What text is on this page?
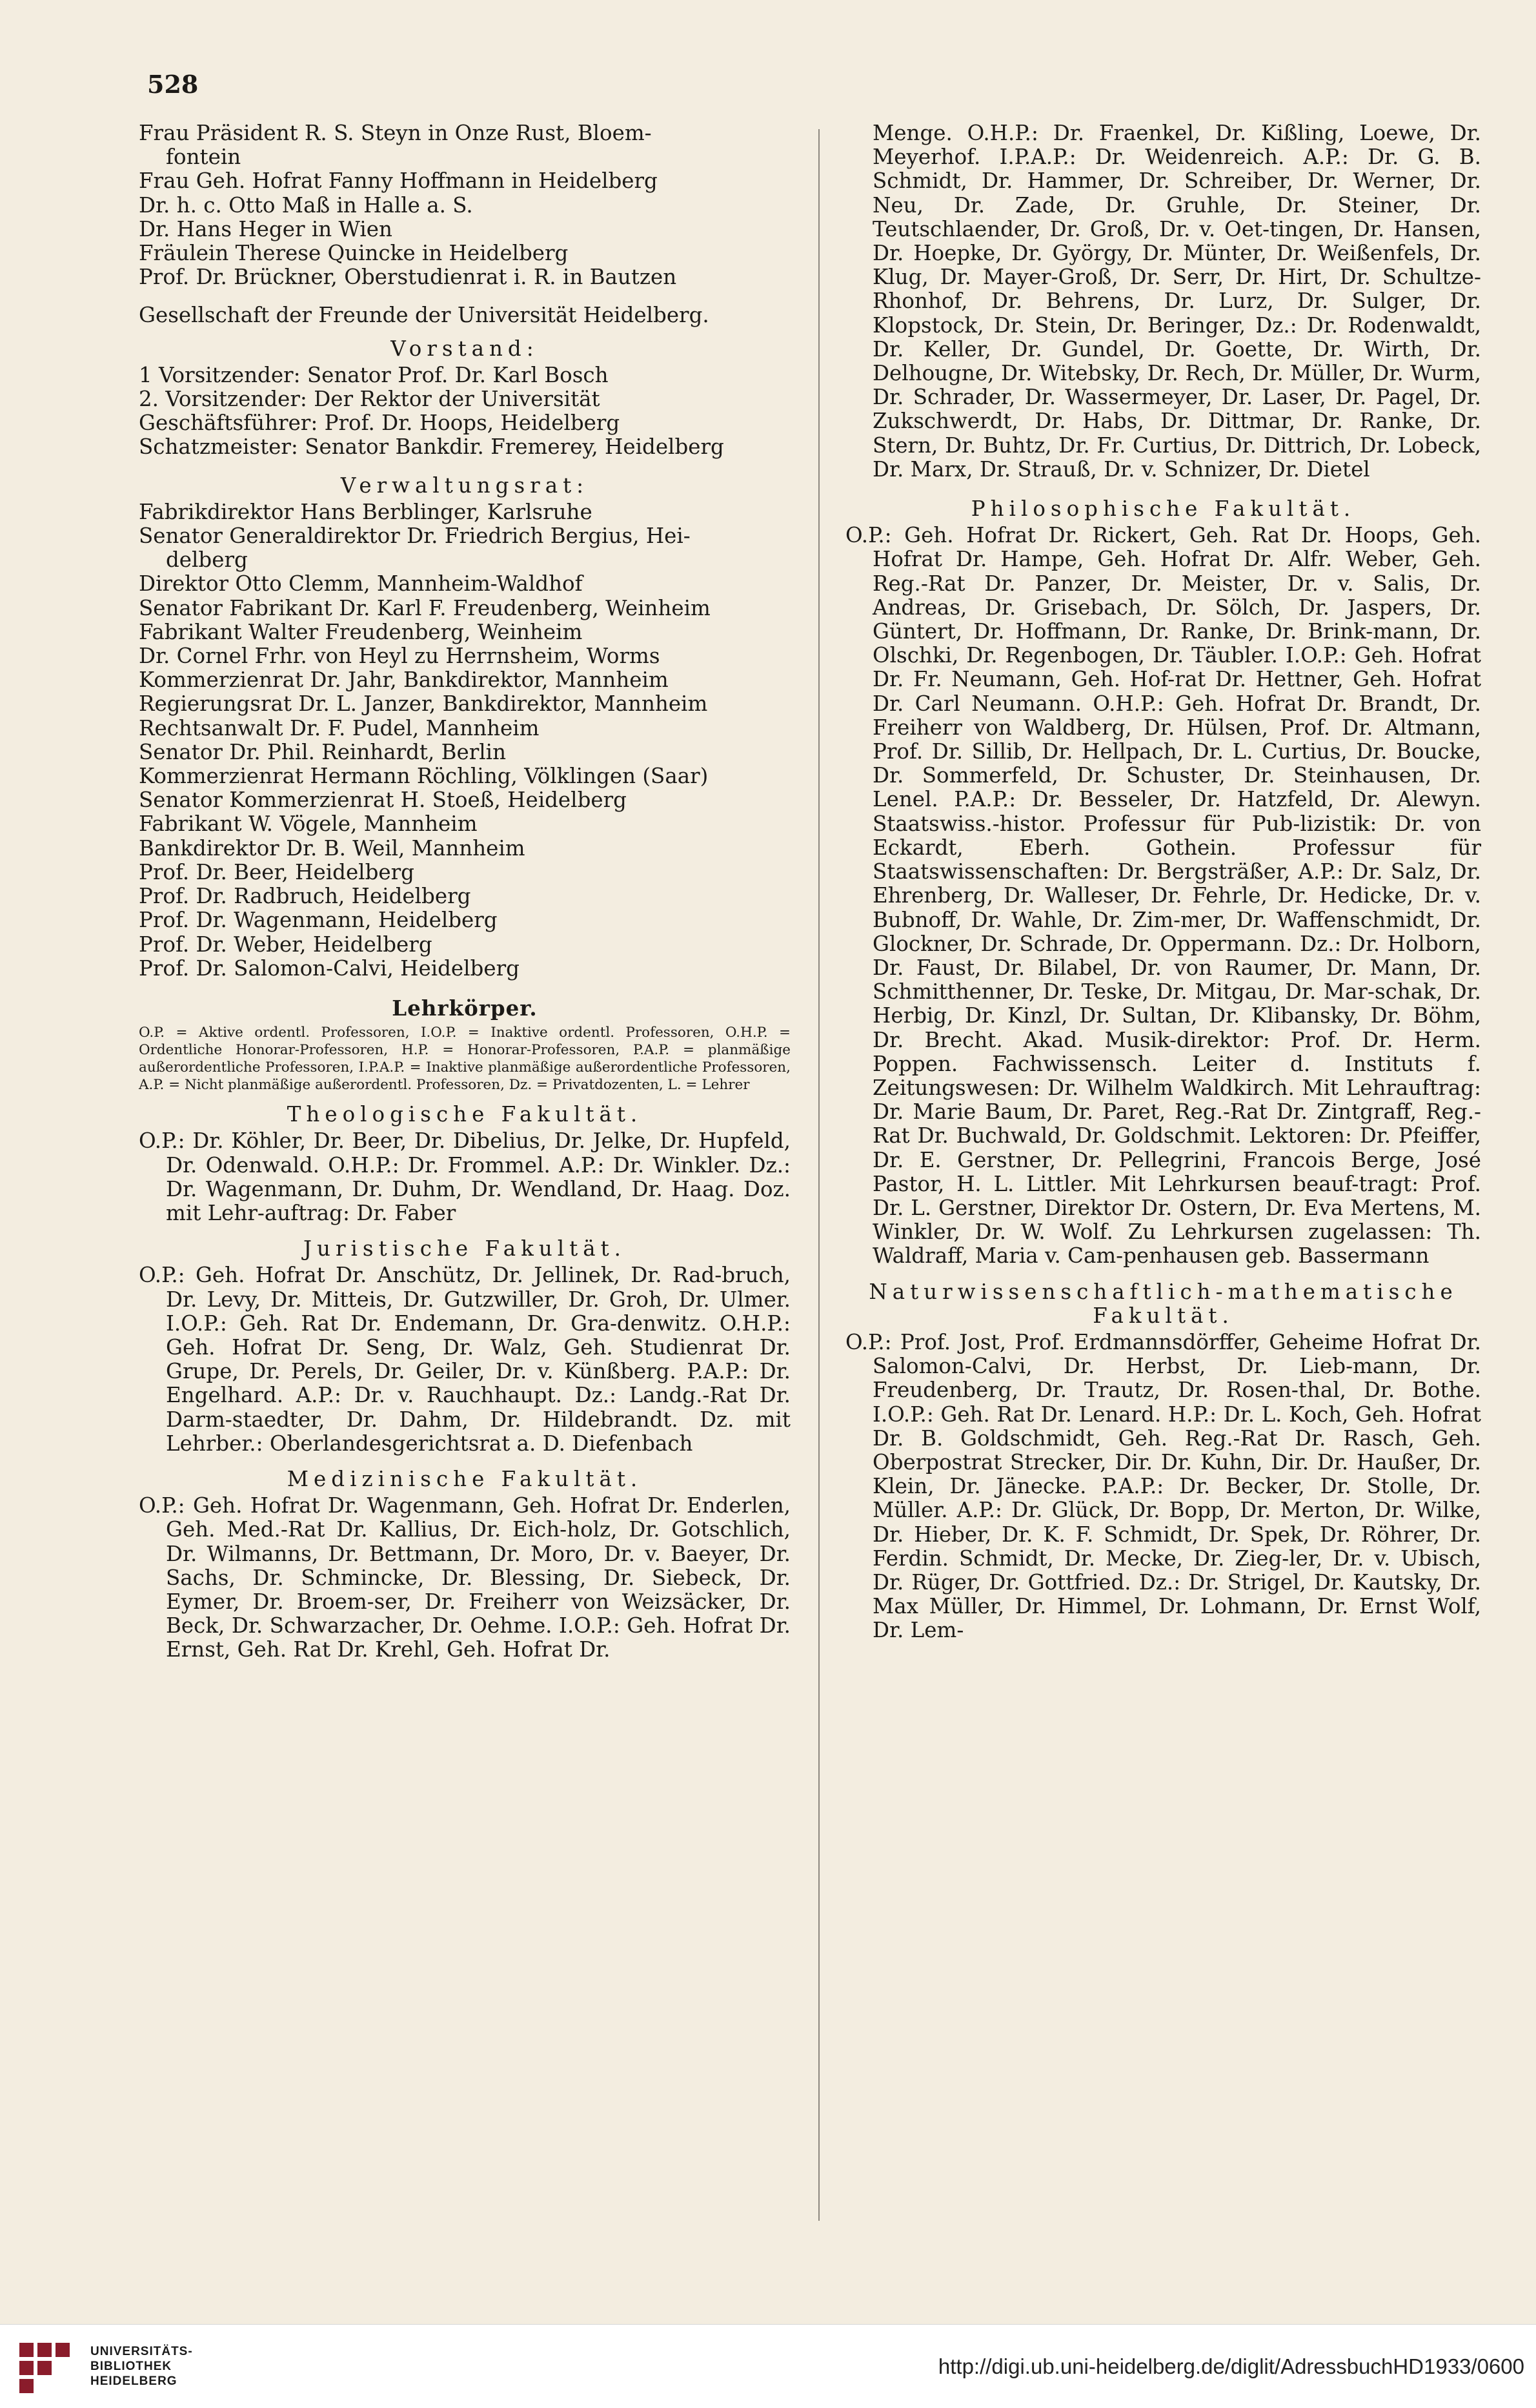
528

Frau Präsident R. S. Steyn in Onze Rust, Bloem-

fontein

Frau Geh. Hofrat Fanny Hoffmann in Heidelberg

Dr. h. c. Otto Maß in Halle a. S.

Dr. Hans Heger in Wien

Fräulein Therese Quincke in Heidelberg

Prof. Dr. Brückner, Oberstudienrat i. R. in Bautzen

Gesellschaft der Freunde der Universität Heidelberg.

Vorstand:

1 Vorsitzender: Senator Prof. Dr. Karl Bosch

2. Vorsitzender: Der Rektor der Universität

Geschäftsführer: Prof. Dr. Hoops, Heidelberg

Schatzmeister: Senator Bankdir. Fremerey, Heidelberg

Verwaltungsrat:

Fabrikdirektor Hans Berblinger, Karlsruhe

Senator Generaldirektor Dr. Friedrich Bergius, Hei-

delberg

Direktor Otto Clemm, Mannheim-Waldhof

Senator Fabrikant Dr. Karl F. Freudenberg, Weinheim

Fabrikant Walter Freudenberg, Weinheim

Dr. Cornel Frhr. von Heyl zu Herrnsheim, Worms

Kommerzienrat Dr. Jahr, Bankdirektor, Mannheim

Regierungsrat Dr. L. Janzer, Bankdirektor, Mannheim

Rechtsanwalt Dr. F. Pudel, Mannheim

Senator Dr. Phil. Reinhardt, Berlin

Kommerzienrat Hermann Röchling, Völklingen (Saar)

Senator Kommerzienrat H. Stoeß, Heidelberg

Fabrikant W. Vögele, Mannheim

Bankdirektor Dr. B. Weil, Mannheim

Prof. Dr. Beer, Heidelberg

Prof. Dr. Radbruch, Heidelberg

Prof. Dr. Wagenmann, Heidelberg

Prof. Dr. Weber, Heidelberg

Prof. Dr. Salomon-Calvi, Heidelberg

Lehrkörper.

O.P. = Aktive ordentl. Professoren, I.O.P. = Inaktive ordentl. Professoren, O.H.P. = Ordentliche Honorar-Professoren, H.P. = Honorar-Professoren, P.A.P. = planmäßige außerordentliche Professoren, I.P.A.P. = Inaktive planmäßige außerordentliche Professoren, A.P. = Nicht planmäßige außerordentl. Professoren, Dz. = Privatdozenten, L. = Lehrer

Theologische Fakultät.

O.P.: Dr. Köhler, Dr. Beer, Dr. Dibelius, Dr. Jelke, Dr. Hupfeld, Dr. Odenwald. O.H.P.: Dr. Frommel. A.P.: Dr. Winkler. Dz.: Dr. Wagenmann, Dr. Duhm, Dr. Wendland, Dr. Haag. Doz. mit Lehr-auftrag: Dr. Faber

Juristische Fakultät.

O.P.: Geh. Hofrat Dr. Anschütz, Dr. Jellinek, Dr. Rad-bruch, Dr. Levy, Dr. Mitteis, Dr. Gutzwiller, Dr. Groh, Dr. Ulmer. I.O.P.: Geh. Rat Dr. Endemann, Dr. Gra-denwitz. O.H.P.: Geh. Hofrat Dr. Seng, Dr. Walz, Geh. Studienrat Dr. Grupe, Dr. Perels, Dr. Geiler, Dr. v. Künßberg. P.A.P.: Dr. Engelhard. A.P.: Dr. v. Rauchhaupt. Dz.: Landg.-Rat Dr. Darm-staedter, Dr. Dahm, Dr. Hildebrandt. Dz. mit Lehrber.: Oberlandesgerichtsrat a. D. Diefenbach

Medizinische Fakultät.

O.P.: Geh. Hofrat Dr. Wagenmann, Geh. Hofrat Dr. Enderlen, Geh. Med.-Rat Dr. Kallius, Dr. Eich-holz, Dr. Gotschlich, Dr. Wilmanns, Dr. Bettmann, Dr. Moro, Dr. v. Baeyer, Dr. Sachs, Dr. Schmincke, Dr. Blessing, Dr. Siebeck, Dr. Eymer, Dr. Broem-ser, Dr. Freiherr von Weizsäcker, Dr. Beck, Dr. Schwarzacher, Dr. Oehme. I.O.P.: Geh. Hofrat Dr. Ernst, Geh. Rat Dr. Krehl, Geh. Hofrat Dr.

Menge. O.H.P.: Dr. Fraenkel, Dr. Kißling, Loewe, Dr. Meyerhof. I.P.A.P.: Dr. Weidenreich. A.P.: Dr. G. B. Schmidt, Dr. Hammer, Dr. Schreiber, Dr. Werner, Dr. Neu, Dr. Zade, Dr. Gruhle, Dr. Steiner, Dr. Teutschlaender, Dr. Groß, Dr. v. Oet-tingen, Dr. Hansen, Dr. Hoepke, Dr. György, Dr. Münter, Dr. Weißenfels, Dr. Klug, Dr. Mayer-Groß, Dr. Serr, Dr. Hirt, Dr. Schultze-Rhonhof, Dr. Behrens, Dr. Lurz, Dr. Sulger, Dr. Klopstock, Dr. Stein, Dr. Beringer, Dz.: Dr. Rodenwaldt, Dr. Keller, Dr. Gundel, Dr. Goette, Dr. Wirth, Dr. Delhougne, Dr. Witebsky, Dr. Rech, Dr. Müller, Dr. Wurm, Dr. Schrader, Dr. Wassermeyer, Dr. Laser, Dr. Pagel, Dr. Zukschwerdt, Dr. Habs, Dr. Dittmar, Dr. Ranke, Dr. Stern, Dr. Buhtz, Dr. Fr. Curtius, Dr. Dittrich, Dr. Lobeck, Dr. Marx, Dr. Strauß, Dr. v. Schnizer, Dr. Dietel

Philosophische Fakultät.

O.P.: Geh. Hofrat Dr. Rickert, Geh. Rat Dr. Hoops, Geh. Hofrat Dr. Hampe, Geh. Hofrat Dr. Alfr. Weber, Geh. Reg.-Rat Dr. Panzer, Dr. Meister, Dr. v. Salis, Dr. Andreas, Dr. Grisebach, Dr. Sölch, Dr. Jaspers, Dr. Güntert, Dr. Hoffmann, Dr. Ranke, Dr. Brink-mann, Dr. Olschki, Dr. Regenbogen, Dr. Täubler. I.O.P.: Geh. Hofrat Dr. Fr. Neumann, Geh. Hof-rat Dr. Hettner, Geh. Hofrat Dr. Carl Neumann. O.H.P.: Geh. Hofrat Dr. Brandt, Dr. Freiherr von Waldberg, Dr. Hülsen, Prof. Dr. Altmann, Prof. Dr. Sillib, Dr. Hellpach, Dr. L. Curtius, Dr. Boucke, Dr. Sommerfeld, Dr. Schuster, Dr. Steinhausen, Dr. Lenel. P.A.P.: Dr. Besseler, Dr. Hatzfeld, Dr. Alewyn. Staatswiss.-histor. Professur für Pub-lizistik: Dr. von Eckardt, Eberh. Gothein. Professur für Staatswissenschaften: Dr. Bergsträßer, A.P.: Dr. Salz, Dr. Ehrenberg, Dr. Walleser, Dr. Fehrle, Dr. Hedicke, Dr. v. Bubnoff, Dr. Wahle, Dr. Zim-mer, Dr. Waffenschmidt, Dr. Glockner, Dr. Schrade, Dr. Oppermann. Dz.: Dr. Holborn, Dr. Faust, Dr. Bilabel, Dr. von Raumer, Dr. Mann, Dr. Schmitthenner, Dr. Teske, Dr. Mitgau, Dr. Mar-schak, Dr. Herbig, Dr. Kinzl, Dr. Sultan, Dr. Klibansky, Dr. Böhm, Dr. Brecht. Akad. Musik-direktor: Prof. Dr. Herm. Poppen. Fachwissensch. Leiter d. Instituts f. Zeitungswesen: Dr. Wilhelm Waldkirch. Mit Lehrauftrag: Dr. Marie Baum, Dr. Paret, Reg.-Rat Dr. Zintgraff, Reg.-Rat Dr. Buchwald, Dr. Goldschmit. Lektoren: Dr. Pfeiffer, Dr. E. Gerstner, Dr. Pellegrini, Francois Berge, José Pastor, H. L. Littler. Mit Lehrkursen beauf-tragt: Prof. Dr. L. Gerstner, Direktor Dr. Ostern, Dr. Eva Mertens, M. Winkler, Dr. W. Wolf. Zu Lehrkursen zugelassen: Th. Waldraff, Maria v. Cam-penhausen geb. Bassermann

Naturwissenschaftlich-mathematische Fakultät.

O.P.: Prof. Jost, Prof. Erdmannsdörffer, Geheime Hofrat Dr. Salomon-Calvi, Dr. Herbst, Dr. Lieb-mann, Dr. Freudenberg, Dr. Trautz, Dr. Rosen-thal, Dr. Bothe. I.O.P.: Geh. Rat Dr. Lenard. H.P.: Dr. L. Koch, Geh. Hofrat Dr. B. Goldschmidt, Geh. Reg.-Rat Dr. Rasch, Geh. Oberpostrat Strecker, Dir. Dr. Kuhn, Dir. Dr. Haußer, Dr. Klein, Dr. Jänecke. P.A.P.: Dr. Becker, Dr. Stolle, Dr. Müller. A.P.: Dr. Glück, Dr. Bopp, Dr. Merton, Dr. Wilke, Dr. Hieber, Dr. K. F. Schmidt, Dr. Spek, Dr. Röhrer, Dr. Ferdin. Schmidt, Dr. Mecke, Dr. Zieg-ler, Dr. v. Ubisch, Dr. Rüger, Dr. Gottfried. Dz.: Dr. Strigel, Dr. Kautsky, Dr. Max Müller, Dr. Himmel, Dr. Lohmann, Dr. Ernst Wolf, Dr. Lem-

UNIVERSITÄTS-
BIBLIOTHEK
HEIDELBERG
http://digi.ub.uni-heidelberg.de/diglit/AdressbuchHD1933/0600
